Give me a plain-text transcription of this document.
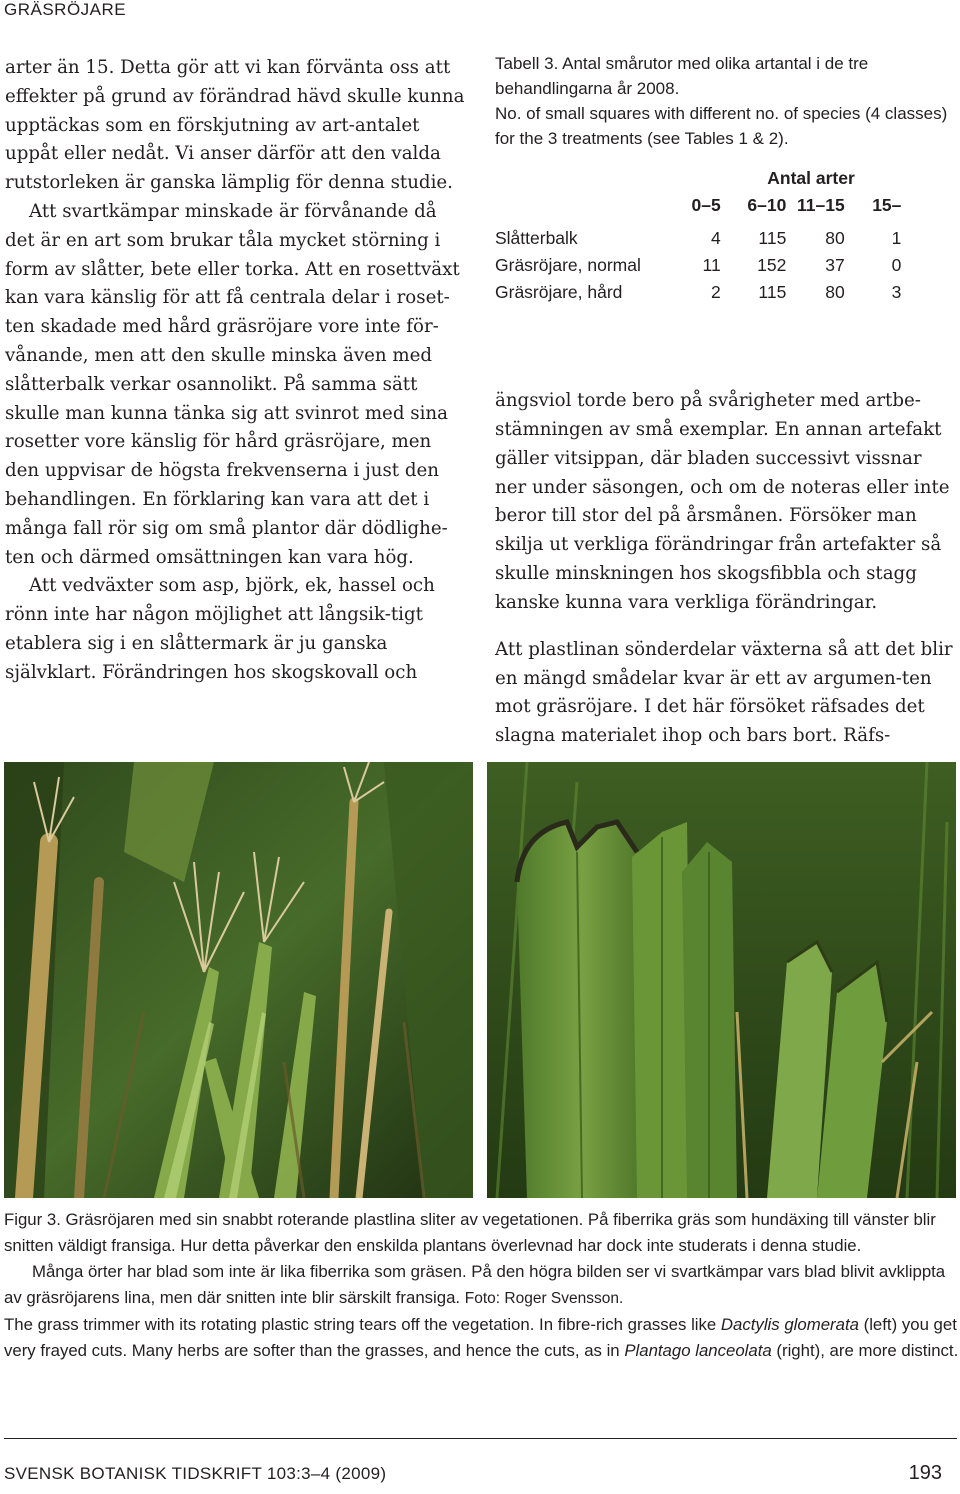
GRÄSRÖJARE

arter än 15. Detta gör att vi kan förvänta oss att effekter på grund av förändrad hävd skulle kunna upptäckas som en förskjutning av art-antalet uppåt eller nedåt. Vi anser därför att den valda rutstorleken är ganska lämplig för denna studie.

Att svartkämpar minskade är förvånande då det är en art som brukar tåla mycket störning i form av slåtter, bete eller torka. Att en rosettväxt kan vara känslig för att få centrala delar i roset-ten skadade med hård gräsröjare vore inte för-vånande, men att den skulle minska även med slåtterbalk verkar osannolikt. På samma sätt skulle man kunna tänka sig att svinrot med sina rosetter vore känslig för hård gräsröjare, men den uppvisar de högsta frekvenserna i just den behandlingen. En förklaring kan vara att det i många fall rör sig om små plantor där dödlighe-ten och därmed omsättningen kan vara hög.

Att vedväxter som asp, björk, ek, hassel och rönn inte har någon möjlighet att långsik-tigt etablera sig i en slåttermark är ju ganska självklart. Förändringen hos skogskovall och

Tabell 3. Antal smårutor med olika artantal i de tre behandlingarna år 2008.

No. of small squares with different no. of species (4 classes) for the 3 treatments (see Tables 1 & 2).

		Antal arter			
	0–5	6–10	11–15	15–	

Slåtterbalk	4	115	80	1	
Gräsröjare, normal	11	152	37	0	
Gräsröjare, hård	2	115	80	3	

ängsviol torde bero på svårigheter med artbe-stämningen av små exemplar. En annan artefakt gäller vitsippan, där bladen successivt vissnar ner under säsongen, och om de noteras eller inte beror till stor del på årsmånen. Försöker man skilja ut verkliga förändringar från artefakter så skulle minskningen hos skogsfibbla och stagg kanske kunna vara verkliga förändringar.

Att plastlinan sönderdelar växterna så att det blir en mängd smådelar kvar är ett av argumen-ten mot gräsröjare. I det här försöket räfsades det slagna materialet ihop och bars bort. Räfs-

Figur 3. Gräsröjaren med sin snabbt roterande plastlina sliter av vegetationen. På fiberrika gräs som hundäxing till vänster blir snitten väldigt fransiga. Hur detta påverkar den enskilda plantans överlevnad har dock inte studerats i denna studie.

Många örter har blad som inte är lika fiberrika som gräsen. På den högra bilden ser vi svartkämpar vars blad blivit avklippta av gräsröjarens lina, men där snitten inte blir särskilt fransiga. Foto: Roger Svensson.

The grass trimmer with its rotating plastic string tears off the vegetation. In fibre-rich grasses like Dactylis glomerata (left) you get very frayed cuts. Many herbs are softer than the grasses, and hence the cuts, as in Plantago lanceolata (right), are more distinct.

SVENSK BOTANISK TIDSKRIFT 103:3–4 (2009)	193
